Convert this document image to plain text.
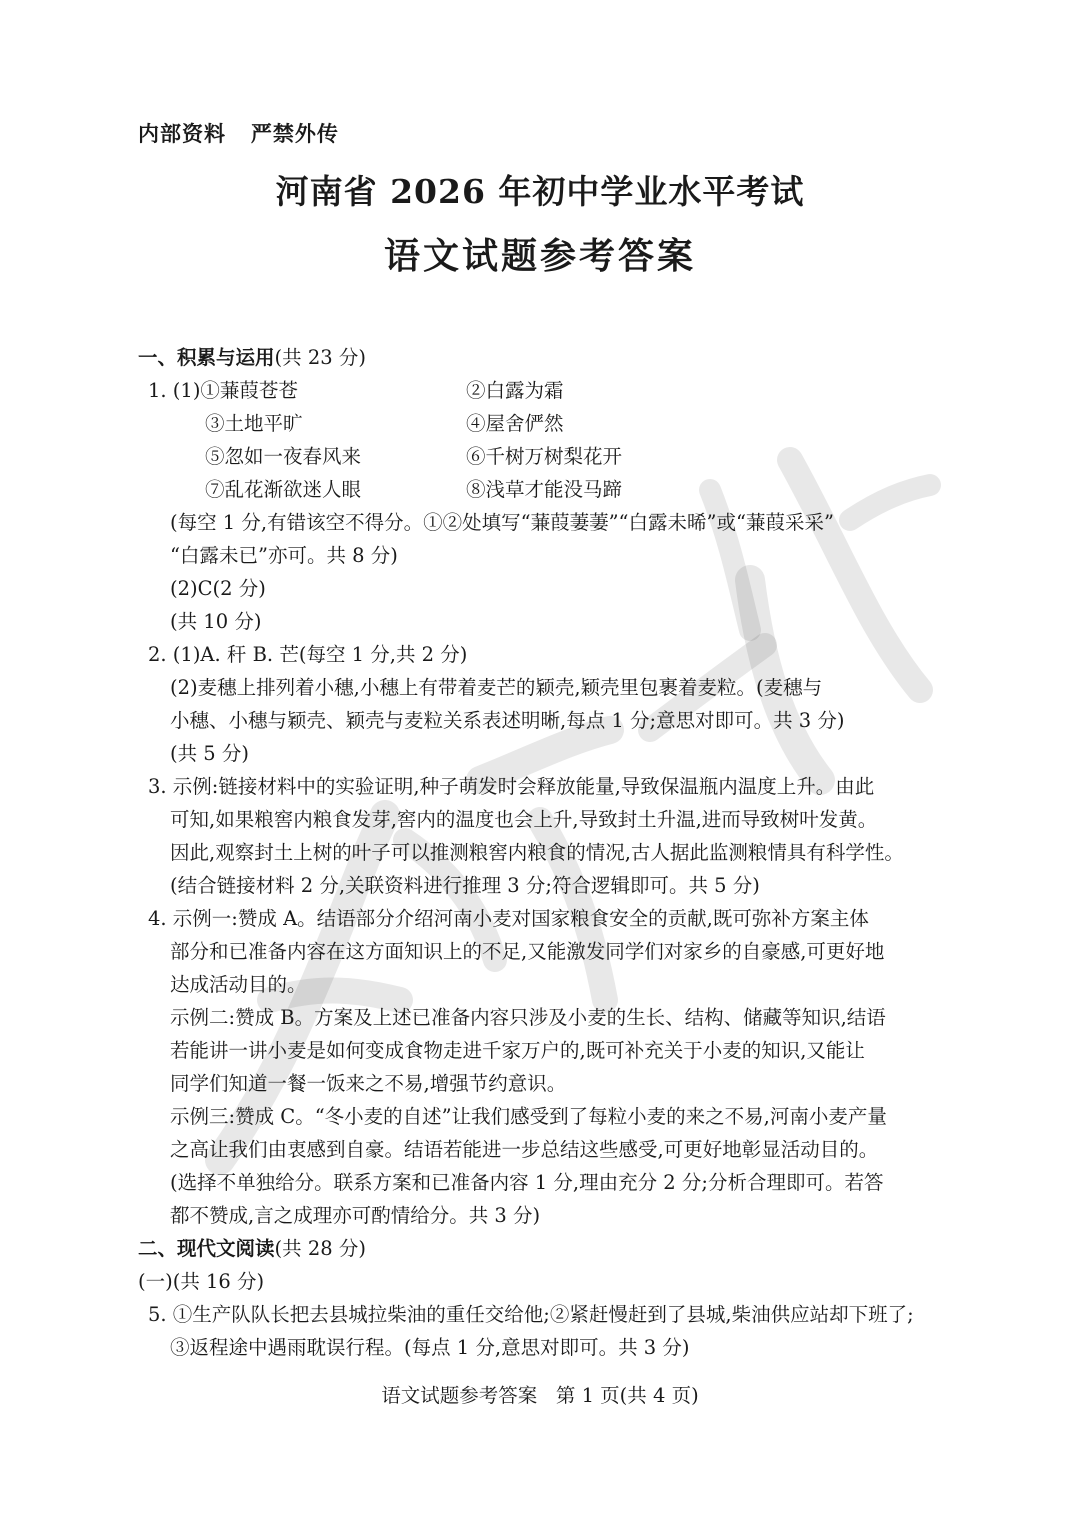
内部资料   严禁外传
河南省 2026 年初中学业水平考试
语文试题参考答案
一、积累与运用(共 23 分)
1. (1)①蒹葭苍苍	②白露为霜
③土地平旷	④屋舍俨然
⑤忽如一夜春风来	⑥千树万树梨花开
⑦乱花渐欲迷人眼	⑧浅草才能没马蹄
(每空 1 分,有错该空不得分。①②处填写“蒹葭萋萋”“白露未晞”或“蒹葭采采”
“白露未已”亦可。共 8 分)
(2)C(2 分)
(共 10 分)
2. (1)A. 秆 B. 芒(每空 1 分,共 2 分)
(2)麦穗上排列着小穗,小穗上有带着麦芒的颖壳,颖壳里包裹着麦粒。(麦穗与
小穗、小穗与颖壳、颖壳与麦粒关系表述明晰,每点 1 分;意思对即可。共 3 分)
(共 5 分)
3. 示例:链接材料中的实验证明,种子萌发时会释放能量,导致保温瓶内温度上升。由此
可知,如果粮窖内粮食发芽,窖内的温度也会上升,导致封土升温,进而导致树叶发黄。
因此,观察封土上树的叶子可以推测粮窖内粮食的情况,古人据此监测粮情具有科学性。
(结合链接材料 2 分,关联资料进行推理 3 分;符合逻辑即可。共 5 分)
4. 示例一:赞成 A。结语部分介绍河南小麦对国家粮食安全的贡献,既可弥补方案主体
部分和已准备内容在这方面知识上的不足,又能激发同学们对家乡的自豪感,可更好地
达成活动目的。
示例二:赞成 B。方案及上述已准备内容只涉及小麦的生长、结构、储藏等知识,结语
若能讲一讲小麦是如何变成食物走进千家万户的,既可补充关于小麦的知识,又能让
同学们知道一餐一饭来之不易,增强节约意识。
示例三:赞成 C。“冬小麦的自述”让我们感受到了每粒小麦的来之不易,河南小麦产量
之高让我们由衷感到自豪。结语若能进一步总结这些感受,可更好地彰显活动目的。
(选择不单独给分。联系方案和已准备内容 1 分,理由充分 2 分;分析合理即可。若答
都不赞成,言之成理亦可酌情给分。共 3 分)
二、现代文阅读(共 28 分)
(一)(共 16 分)
5. ①生产队队长把去县城拉柴油的重任交给他;②紧赶慢赶到了县城,柴油供应站却下班了;
③返程途中遇雨耽误行程。(每点 1 分,意思对即可。共 3 分)
语文试题参考答案   第 1 页(共 4 页)
